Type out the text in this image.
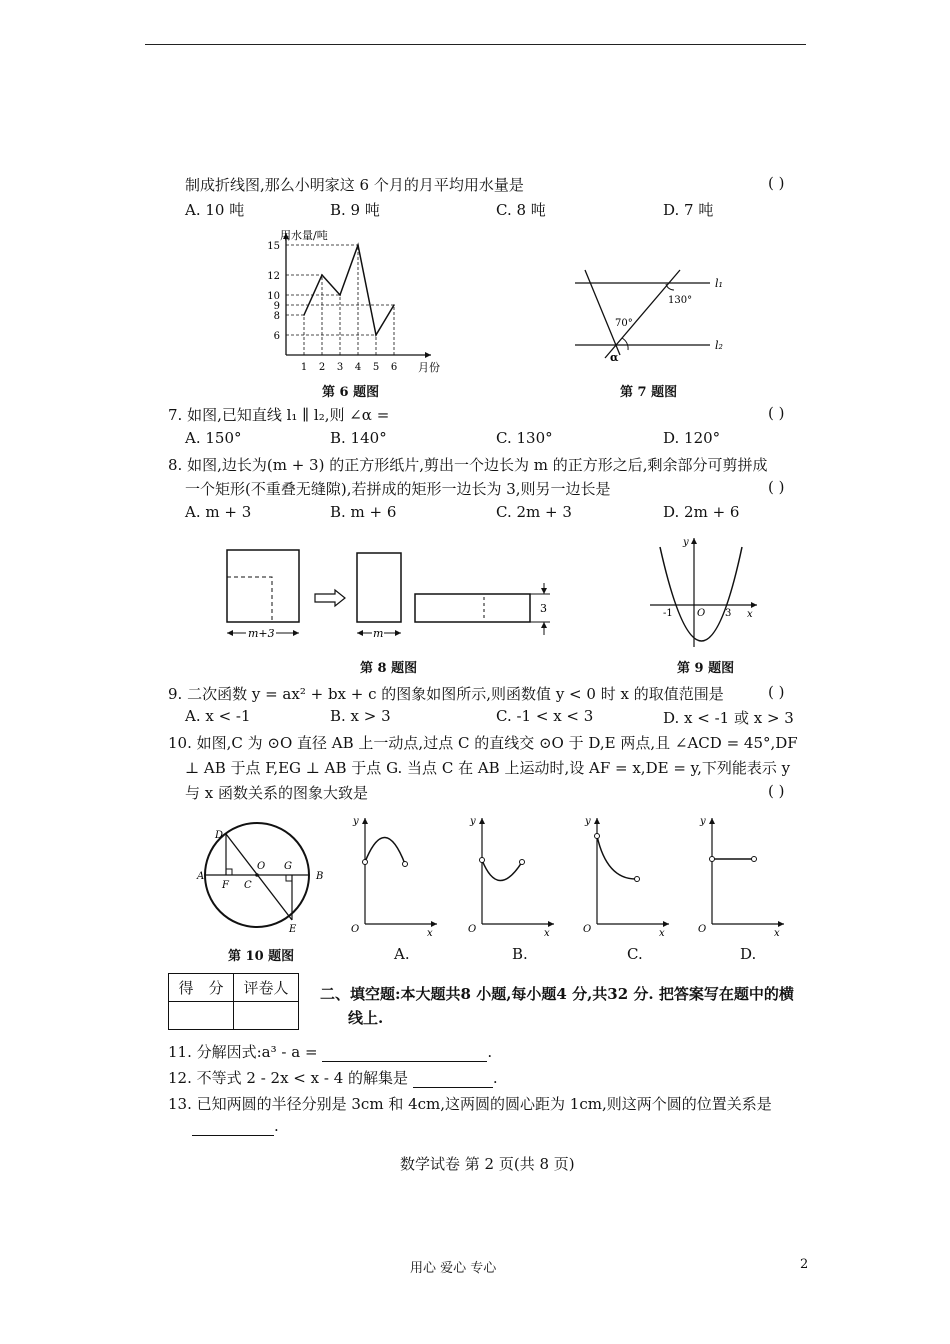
制成折线图,那么小明家这 6 个月的月平均用水量是	( )
A. 10 吨	B. 9 吨	C. 8 吨	D. 7 吨
15
12
10
9
8
6
1 2 3 4 5 6
用水量/吨
月份
第 6 题图
l₁
l₂
130°
70°
α
第 7 题图
7. 如图,已知直线 l₁ ∥ l₂,则 ∠α =	( )
A. 150°	B. 140°	C. 130°	D. 120°
8. 如图,边长为(m + 3) 的正方形纸片,剪出一个边长为 m 的正方形之后,剩余部分可剪拼成
一个矩形(不重叠无缝隙),若拼成的矩形一边长为 3,则另一边长是	( )
A. m + 3	B. m + 6	C. 2m + 3	D. 2m + 6
m+3	m
3
第 8 题图
y
x
-1 O 3
第 9 题图
9. 二次函数 y = ax² + bx + c 的图象如图所示,则函数值 y < 0 时 x 的取值范围是	( )
A. x < -1	B. x > 3	C. -1 < x < 3	D. x < -1 或 x > 3
10. 如图,C 为 ⊙O 直径 AB 上一动点,过点 C 的直线交 ⊙O 于 D,E 两点,且 ∠ACD = 45°,DF
⊥ AB 于点 F,EG ⊥ AB 于点 G. 当点 C 在 AB 上运动时,设 AF = x,DE = y,下列能表示 y
与 x 函数关系的图象大致是	( )
D
A
F C
O G
B
E
第 10 题图
y
x
O
y
x
O
y
x
O
y
x
O
A.	B.	C.	D.
得　分	评卷人
	二、填空题:本大题共8 小题,每小题4 分,共32 分. 把答案写在题中的横
线上.
11. 分解因式:a³ - a =	.
12. 不等式 2 - 2x < x - 4 的解集是	.
13. 已知两圆的半径分别是 3cm 和 4cm,这两圆的圆心距为 1cm,则这两个圆的位置关系是
.
数学试卷 第 2 页(共 8 页)
用心 爱心 专心	2
